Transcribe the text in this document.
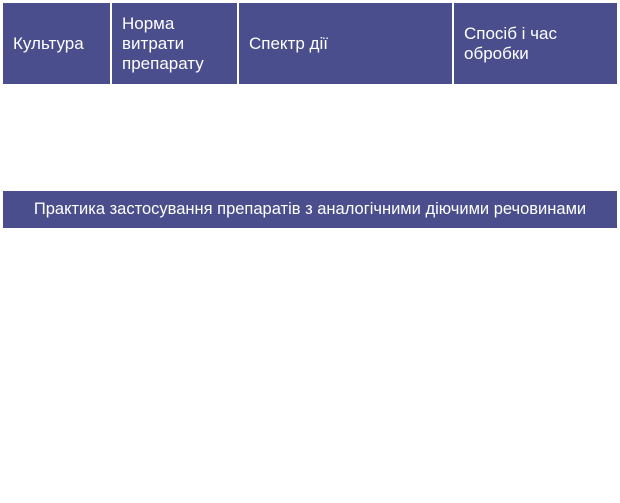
Культура
Норма витрати препарату
Спектр дії
Спосіб і час обробки
Практика застосування препаратів з аналогічними діючими речовинами
